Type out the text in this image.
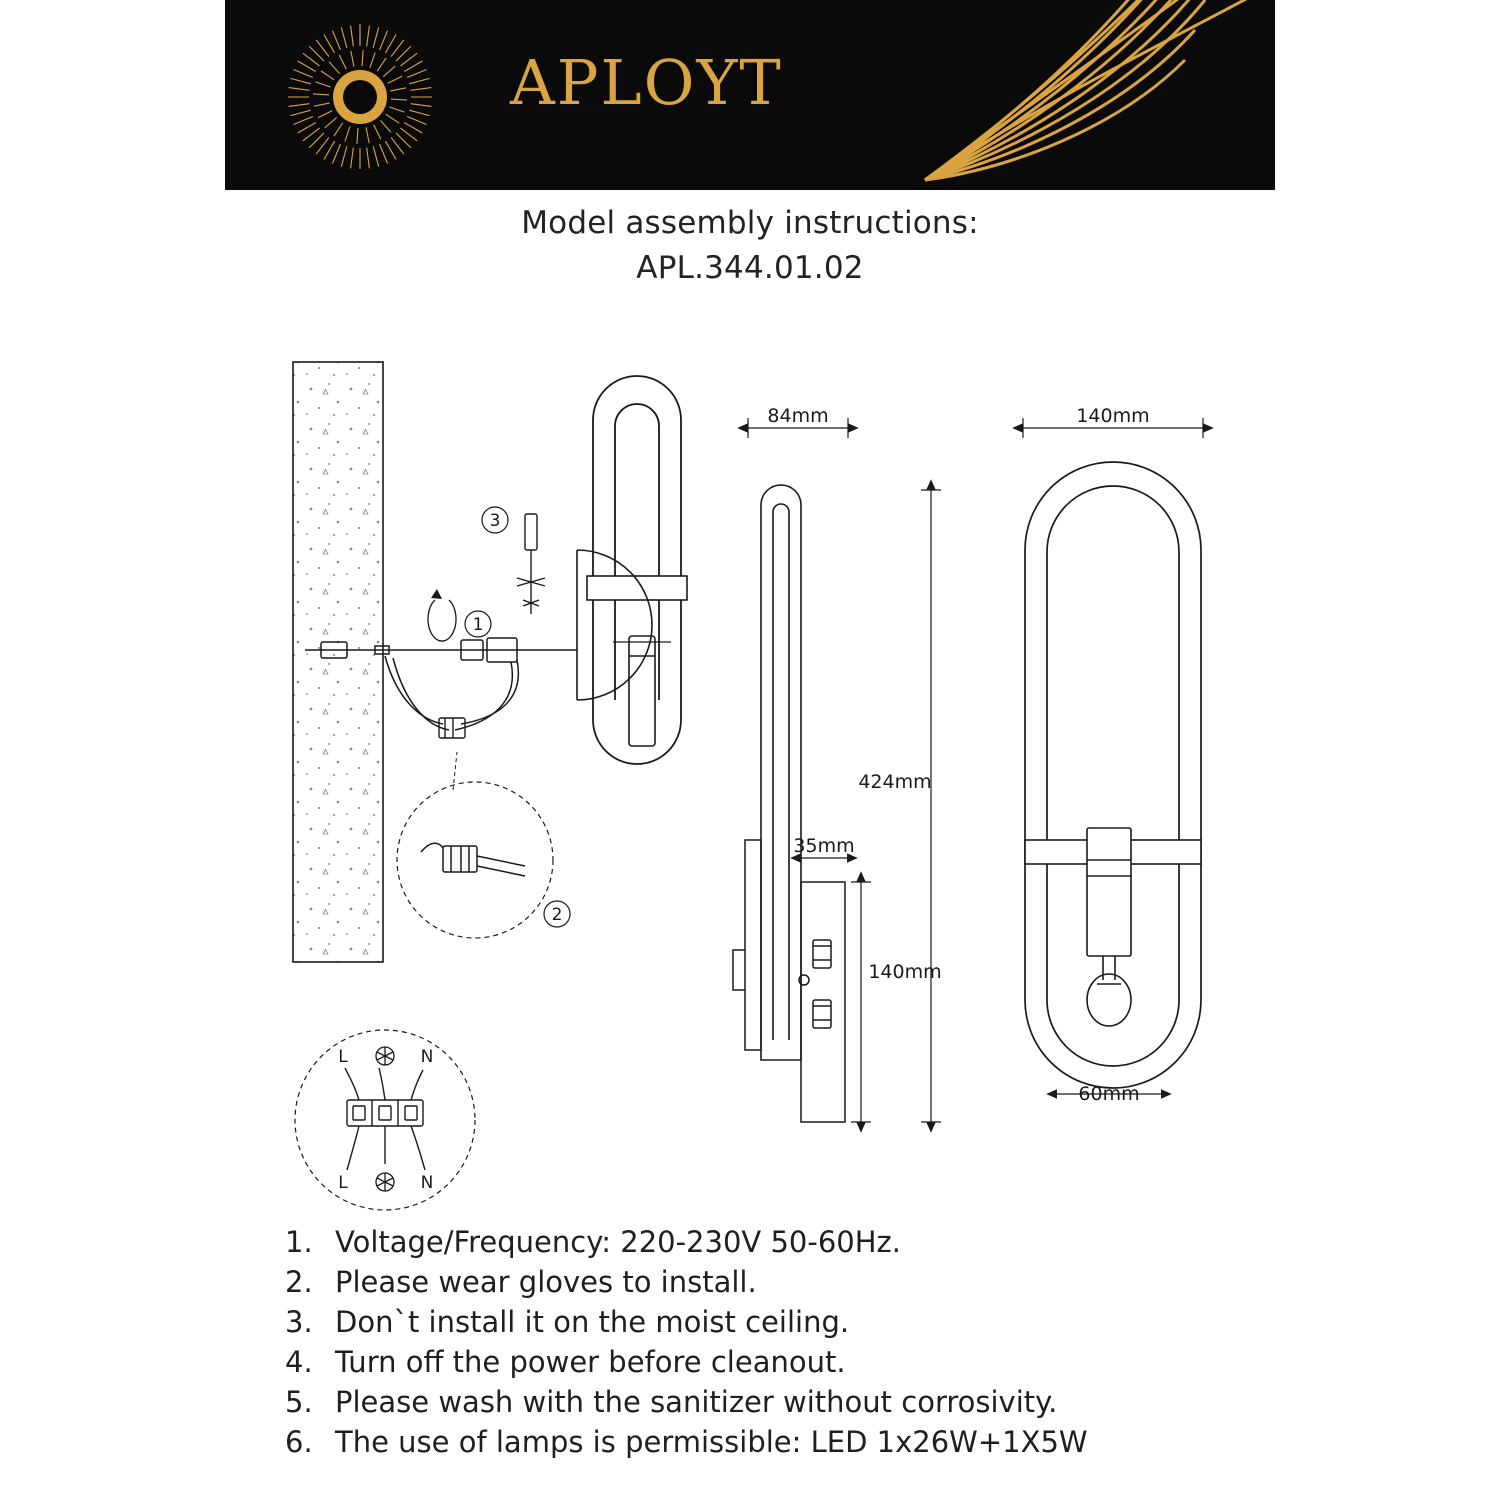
APLOYT
Model assembly instructions:
APL.344.01.02
3
1
2
L	N
L	N
84mm
35mm
140mm
424mm
140mm
60mm
1. Voltage/Frequency: 220-230V 50-60Hz.
2. Please wear gloves to install.
3. Don`t install it on the moist ceiling.
4. Turn off the power before cleanout.
5. Please wash with the sanitizer without corrosivity.
6. The use of lamps is permissible: LED 1x26W+1X5W
